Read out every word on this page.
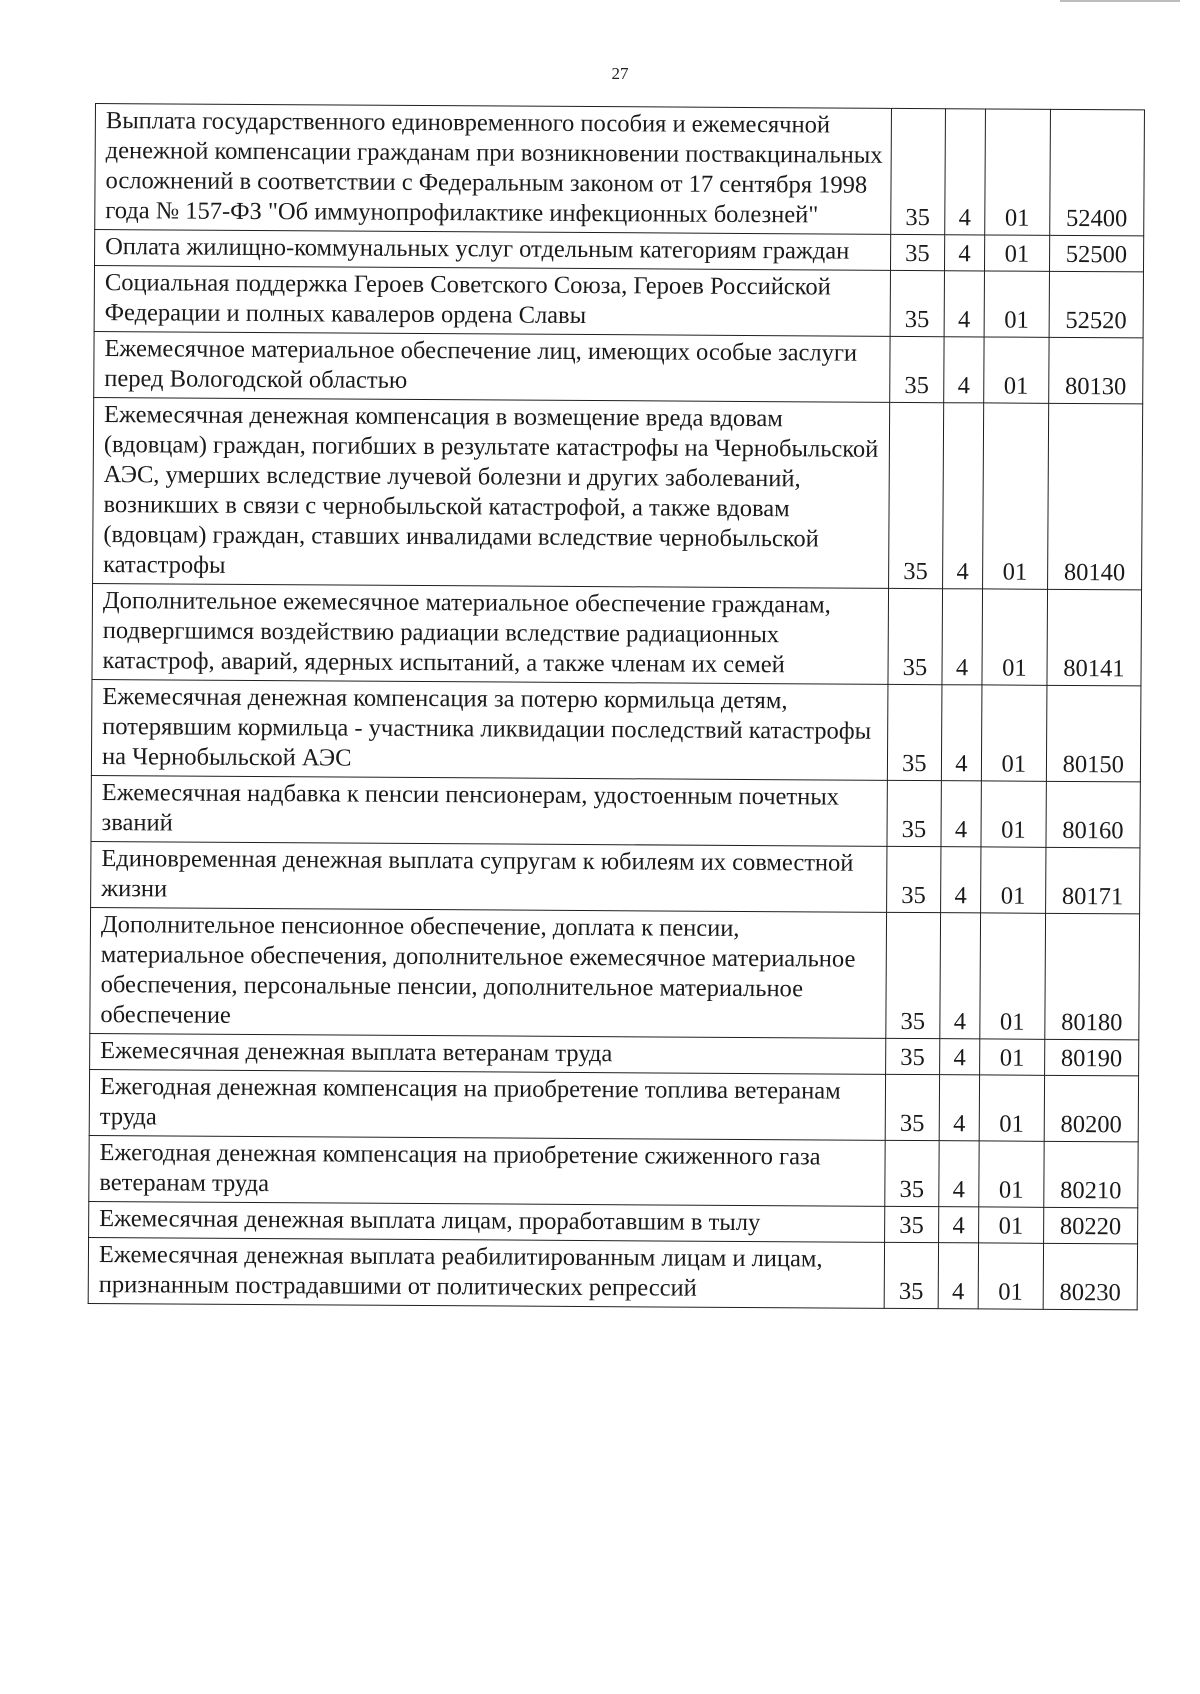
27
Выплата государственного единовременного пособия и ежемесячной денежной компенсации гражданам при возникновении поствакцинальных осложнений в соответствии с Федеральным законом от 17 сентября 1998 года № 157-ФЗ "Об иммунопрофилактике инфекционных болезней"	35	4	01	52400
Оплата жилищно-коммунальных услуг отдельным категориям граждан	35	4	01	52500
Социальная поддержка Героев Советского Союза, Героев Российской Федерации и полных кавалеров ордена Славы	35	4	01	52520
Ежемесячное материальное обеспечение лиц, имеющих особые заслуги перед Вологодской областью	35	4	01	80130
Ежемесячная денежная компенсация в возмещение вреда вдовам (вдовцам) граждан, погибших в результате катастрофы на Чернобыльской АЭС, умерших вследствие лучевой болезни и других заболеваний, возникших в связи с чернобыльской катастрофой, а также вдовам (вдовцам) граждан, ставших инвалидами вследствие чернобыльской катастрофы	35	4	01	80140
Дополнительное ежемесячное материальное обеспечение гражданам, подвергшимся воздействию радиации вследствие радиационных катастроф, аварий, ядерных испытаний, а также членам их семей	35	4	01	80141
Ежемесячная денежная компенсация за потерю кормильца детям, потерявшим кормильца - участника ликвидации последствий катастрофы на Чернобыльской АЭС	35	4	01	80150
Ежемесячная надбавка к пенсии пенсионерам, удостоенным почетных званий	35	4	01	80160
Единовременная денежная выплата супругам к юбилеям их совместной жизни	35	4	01	80171
Дополнительное пенсионное обеспечение, доплата к пенсии, материальное обеспечения, дополнительное ежемесячное материальное обеспечения, персональные пенсии, дополнительное материальное обеспечение	35	4	01	80180
Ежемесячная денежная выплата ветеранам труда	35	4	01	80190
Ежегодная денежная компенсация на приобретение топлива ветеранам труда	35	4	01	80200
Ежегодная денежная компенсация на приобретение сжиженного газа ветеранам труда	35	4	01	80210
Ежемесячная денежная выплата лицам, проработавшим в тылу	35	4	01	80220
Ежемесячная денежная выплата реабилитированным лицам и лицам, признанным пострадавшими от политических репрессий	35	4	01	80230
